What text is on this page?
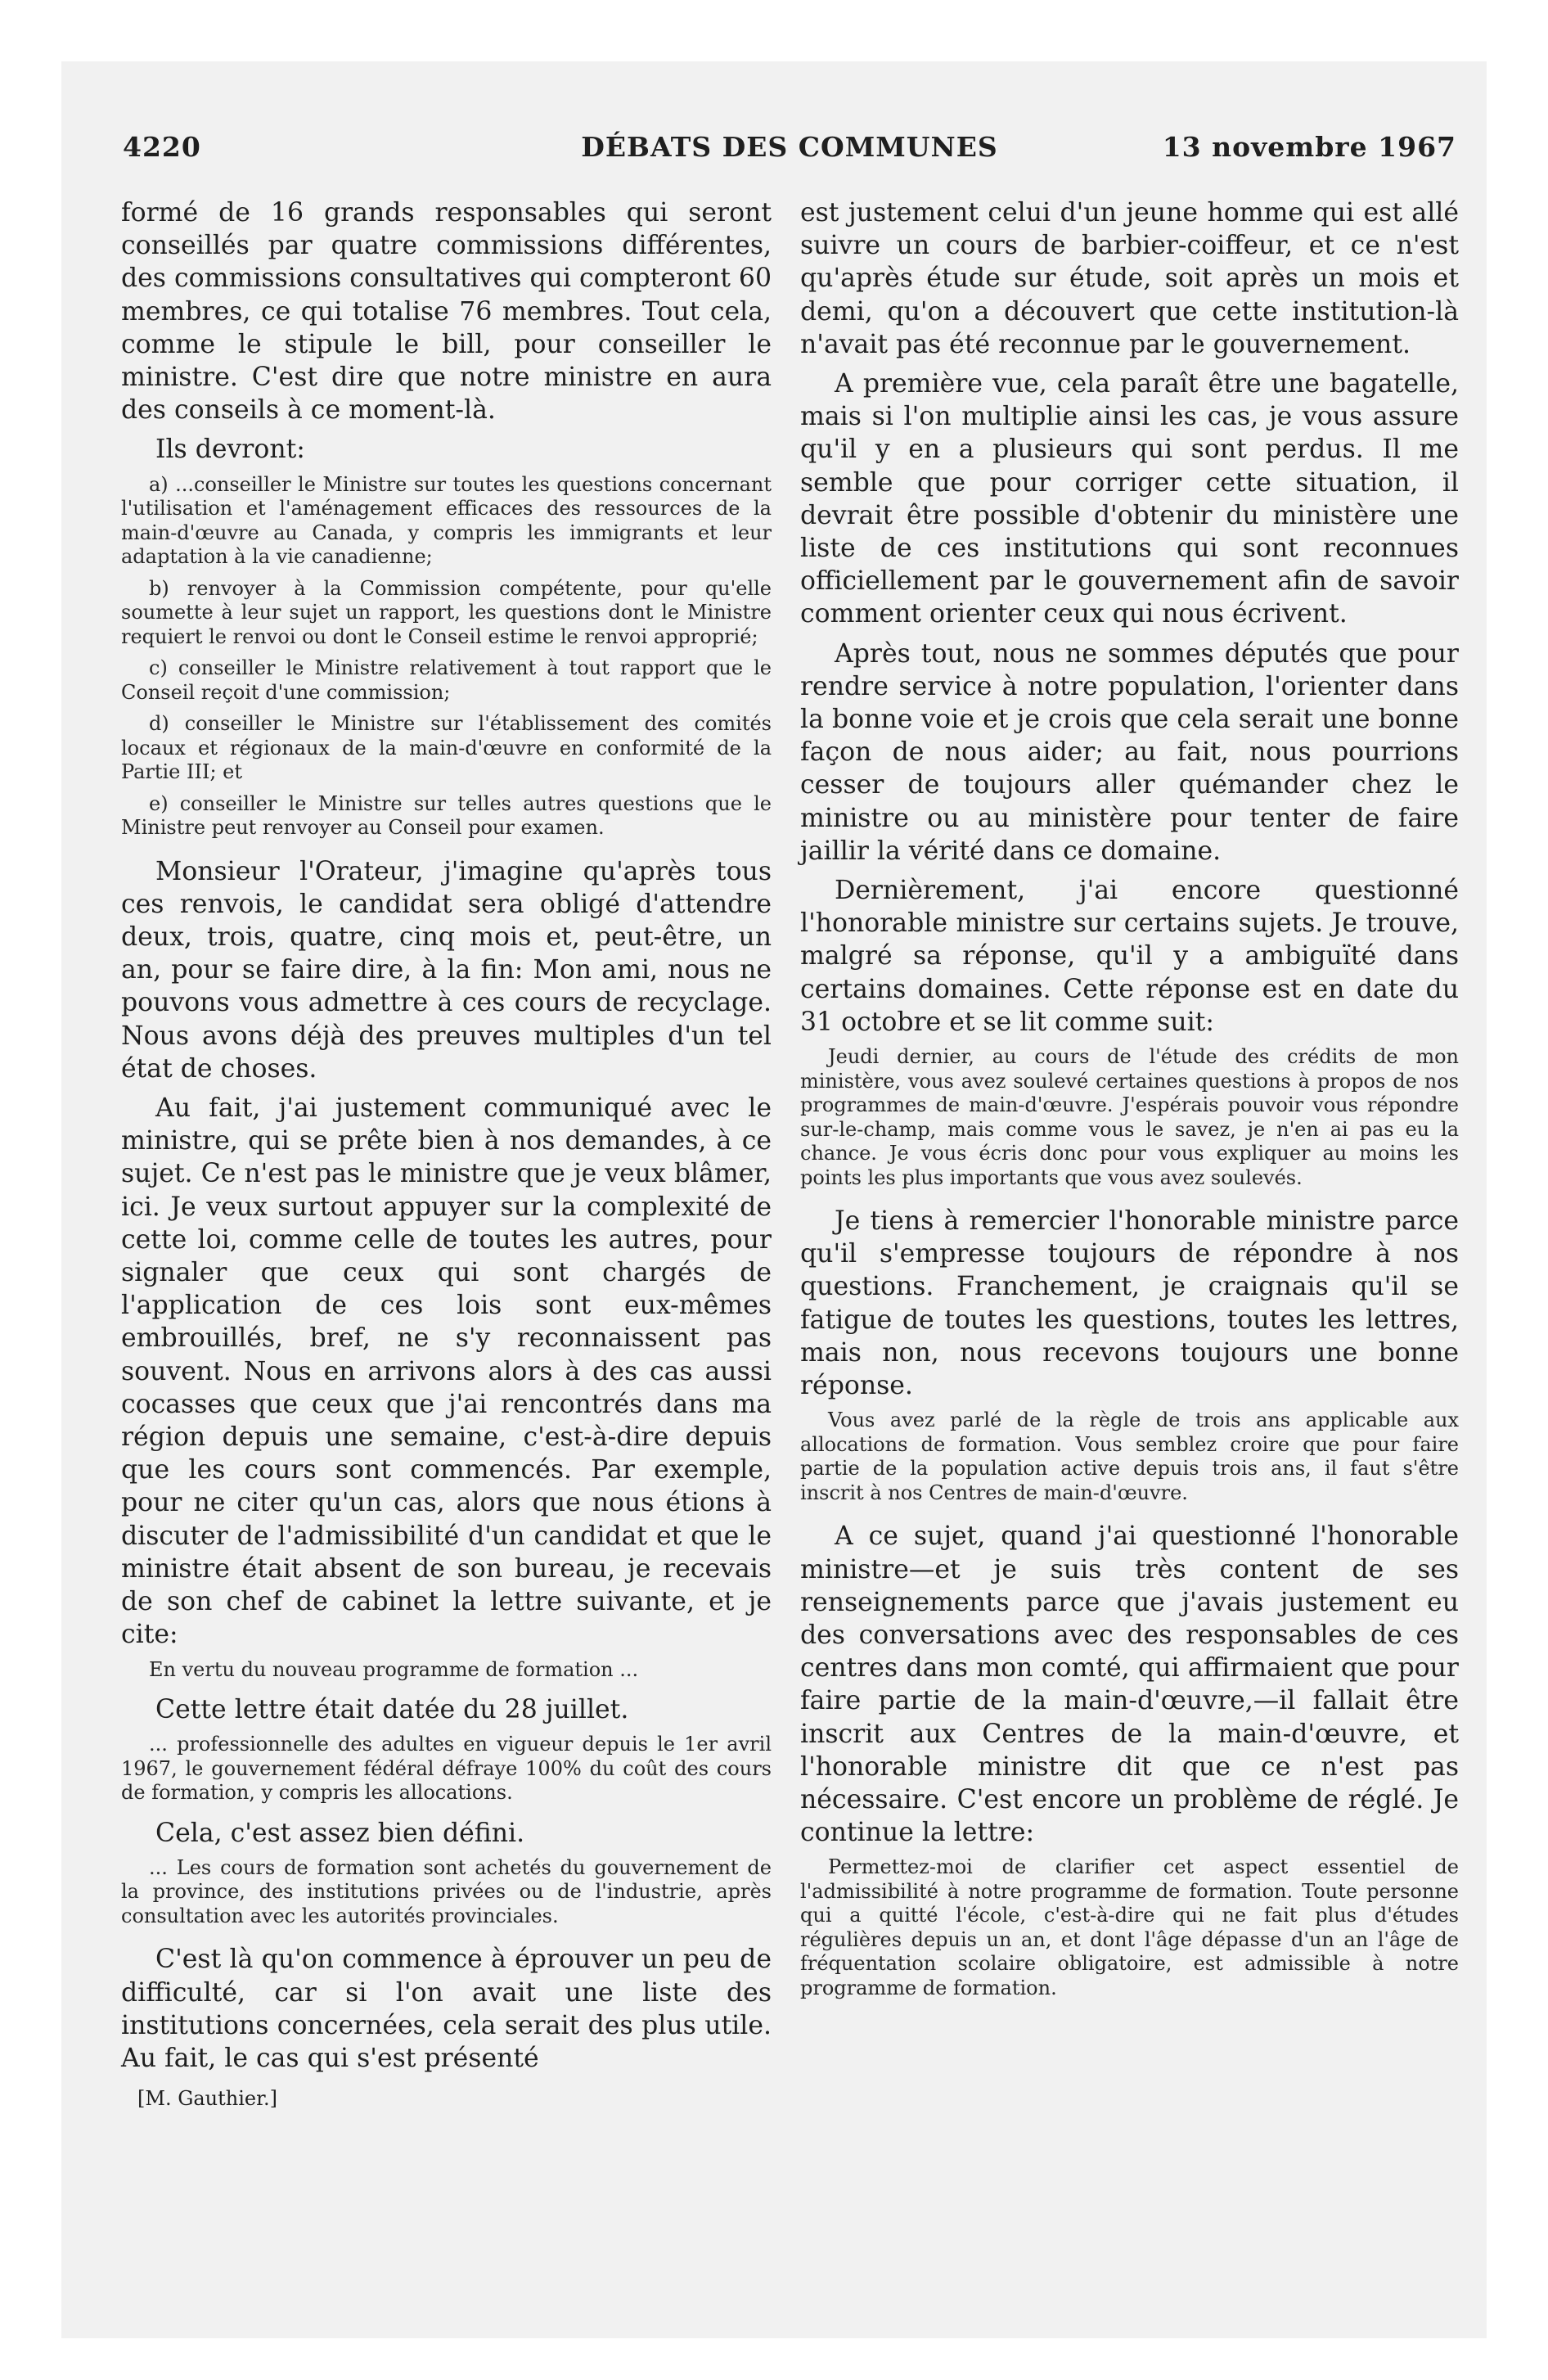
4220	DÉBATS DES COMMUNES	13 novembre 1967

formé de 16 grands responsables qui seront conseillés par quatre commissions différentes, des commissions consultatives qui compteront 60 membres, ce qui totalise 76 membres. Tout cela, comme le stipule le bill, pour conseiller le ministre. C'est dire que notre ministre en aura des conseils à ce moment-là.

Ils devront:

a) ...conseiller le Ministre sur toutes les questions concernant l'utilisation et l'aménagement efficaces des ressources de la main-d'œuvre au Canada, y compris les immigrants et leur adaptation à la vie canadienne;

b) renvoyer à la Commission compétente, pour qu'elle soumette à leur sujet un rapport, les questions dont le Ministre requiert le renvoi ou dont le Conseil estime le renvoi approprié;

c) conseiller le Ministre relativement à tout rapport que le Conseil reçoit d'une commission;

d) conseiller le Ministre sur l'établissement des comités locaux et régionaux de la main-d'œuvre en conformité de la Partie III; et

e) conseiller le Ministre sur telles autres questions que le Ministre peut renvoyer au Conseil pour examen.

Monsieur l'Orateur, j'imagine qu'après tous ces renvois, le candidat sera obligé d'attendre deux, trois, quatre, cinq mois et, peut-être, un an, pour se faire dire, à la fin: Mon ami, nous ne pouvons vous admettre à ces cours de recyclage. Nous avons déjà des preuves multiples d'un tel état de choses.

Au fait, j'ai justement communiqué avec le ministre, qui se prête bien à nos demandes, à ce sujet. Ce n'est pas le ministre que je veux blâmer, ici. Je veux surtout appuyer sur la complexité de cette loi, comme celle de toutes les autres, pour signaler que ceux qui sont chargés de l'application de ces lois sont eux-mêmes embrouillés, bref, ne s'y reconnaissent pas souvent. Nous en arrivons alors à des cas aussi cocasses que ceux que j'ai rencontrés dans ma région depuis une semaine, c'est-à-dire depuis que les cours sont commencés. Par exemple, pour ne citer qu'un cas, alors que nous étions à discuter de l'admissibilité d'un candidat et que le ministre était absent de son bureau, je recevais de son chef de cabinet la lettre suivante, et je cite:

En vertu du nouveau programme de formation ...

Cette lettre était datée du 28 juillet.

... professionnelle des adultes en vigueur depuis le 1er avril 1967, le gouvernement fédéral défraye 100% du coût des cours de formation, y compris les allocations.

Cela, c'est assez bien défini.

... Les cours de formation sont achetés du gouvernement de la province, des institutions privées ou de l'industrie, après consultation avec les autorités provinciales.

C'est là qu'on commence à éprouver un peu de difficulté, car si l'on avait une liste des institutions concernées, cela serait des plus utile. Au fait, le cas qui s'est présenté

[M. Gauthier.]

est justement celui d'un jeune homme qui est allé suivre un cours de barbier-coiffeur, et ce n'est qu'après étude sur étude, soit après un mois et demi, qu'on a découvert que cette institution-là n'avait pas été reconnue par le gouvernement.

A première vue, cela paraît être une bagatelle, mais si l'on multiplie ainsi les cas, je vous assure qu'il y en a plusieurs qui sont perdus. Il me semble que pour corriger cette situation, il devrait être possible d'obtenir du ministère une liste de ces institutions qui sont reconnues officiellement par le gouvernement afin de savoir comment orienter ceux qui nous écrivent.

Après tout, nous ne sommes députés que pour rendre service à notre population, l'orienter dans la bonne voie et je crois que cela serait une bonne façon de nous aider; au fait, nous pourrions cesser de toujours aller quémander chez le ministre ou au ministère pour tenter de faire jaillir la vérité dans ce domaine.

Dernièrement, j'ai encore questionné l'honorable ministre sur certains sujets. Je trouve, malgré sa réponse, qu'il y a ambiguïté dans certains domaines. Cette réponse est en date du 31 octobre et se lit comme suit:

Jeudi dernier, au cours de l'étude des crédits de mon ministère, vous avez soulevé certaines questions à propos de nos programmes de main-d'œuvre. J'espérais pouvoir vous répondre sur-le-champ, mais comme vous le savez, je n'en ai pas eu la chance. Je vous écris donc pour vous expliquer au moins les points les plus importants que vous avez soulevés.

Je tiens à remercier l'honorable ministre parce qu'il s'empresse toujours de répondre à nos questions. Franchement, je craignais qu'il se fatigue de toutes les questions, toutes les lettres, mais non, nous recevons toujours une bonne réponse.

Vous avez parlé de la règle de trois ans applicable aux allocations de formation. Vous semblez croire que pour faire partie de la population active depuis trois ans, il faut s'être inscrit à nos Centres de main-d'œuvre.

A ce sujet, quand j'ai questionné l'honorable ministre—et je suis très content de ses renseignements parce que j'avais justement eu des conversations avec des responsables de ces centres dans mon comté, qui affirmaient que pour faire partie de la main-d'œuvre,—il fallait être inscrit aux Centres de la main-d'œuvre, et l'honorable ministre dit que ce n'est pas nécessaire. C'est encore un problème de réglé. Je continue la lettre:

Permettez-moi de clarifier cet aspect essentiel de l'admissibilité à notre programme de formation. Toute personne qui a quitté l'école, c'est-à-dire qui ne fait plus d'études régulières depuis un an, et dont l'âge dépasse d'un an l'âge de fréquentation scolaire obligatoire, est admissible à notre programme de formation.
